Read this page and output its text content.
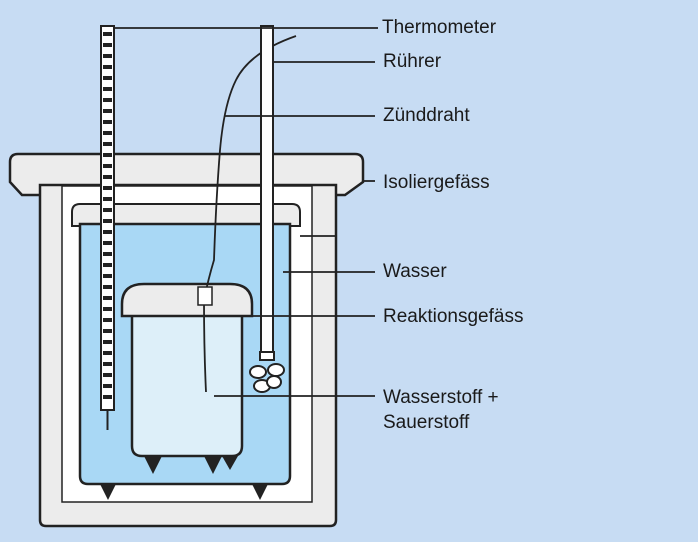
Thermometer
Rührer
Zünddraht
Isoliergefäss
Wasser
Reaktionsgefäss
Wasserstoff +
Sauerstoff
